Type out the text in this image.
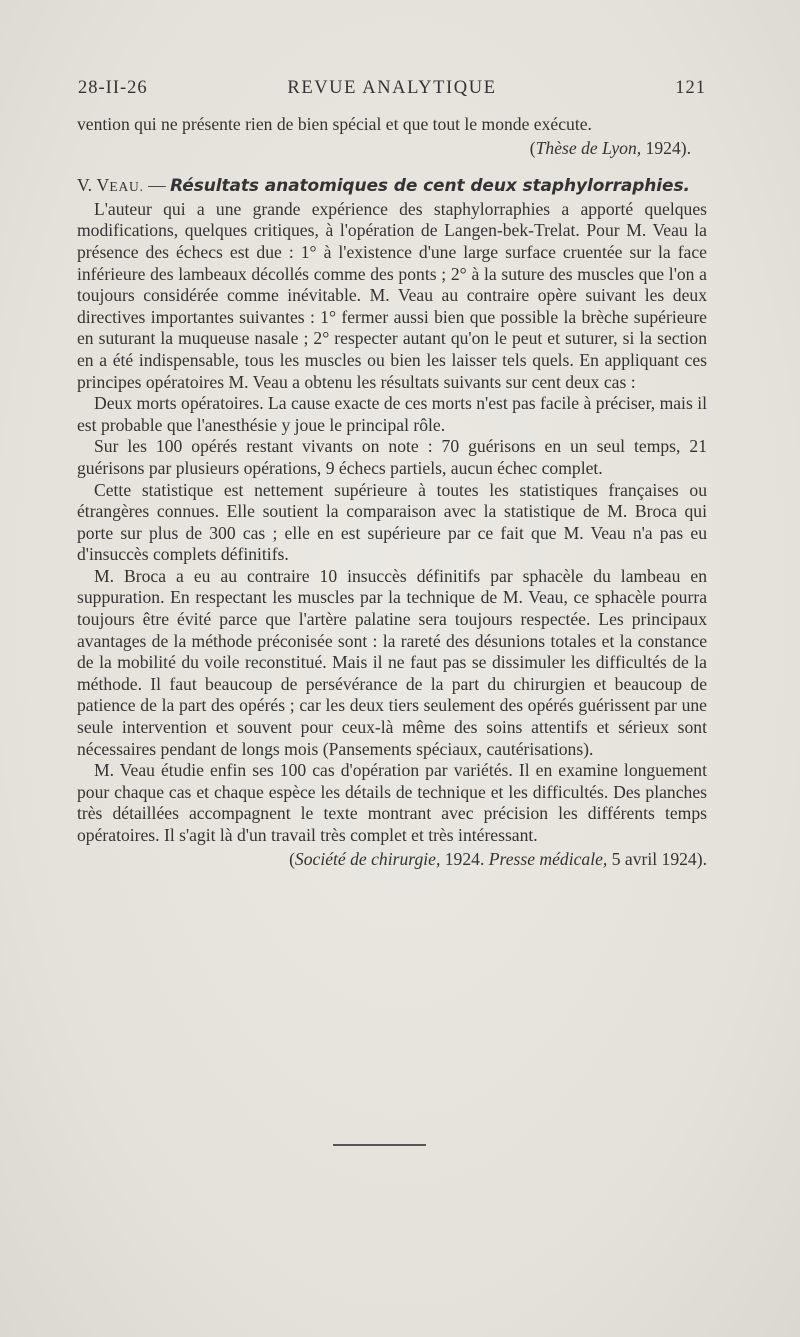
28-II-26	REVUE ANALYTIQUE	121

vention qui ne présente rien de bien spécial et que tout le monde exécute.

(Thèse de Lyon, 1924).

V. VEAU. — Résultats anatomiques de cent deux staphylorraphies.

L'auteur qui a une grande expérience des staphylorraphies a apporté quelques modifications, quelques critiques, à l'opération de Langen-bek-Trelat. Pour M. Veau la présence des échecs est due : 1° à l'existence d'une large surface cruentée sur la face inférieure des lambeaux décollés comme des ponts ; 2° à la suture des muscles que l'on a toujours considérée comme inévitable. M. Veau au contraire opère suivant les deux directives importantes suivantes : 1° fermer aussi bien que possible la brèche supérieure en suturant la muqueuse nasale ; 2° respecter autant qu'on le peut et suturer, si la section en a été indispensable, tous les muscles ou bien les laisser tels quels. En appliquant ces principes opératoires M. Veau a obtenu les résultats suivants sur cent deux cas :

Deux morts opératoires. La cause exacte de ces morts n'est pas facile à préciser, mais il est probable que l'anesthésie y joue le principal rôle.

Sur les 100 opérés restant vivants on note : 70 guérisons en un seul temps, 21 guérisons par plusieurs opérations, 9 échecs partiels, aucun échec complet.

Cette statistique est nettement supérieure à toutes les statistiques françaises ou étrangères connues. Elle soutient la comparaison avec la statistique de M. Broca qui porte sur plus de 300 cas ; elle en est supérieure par ce fait que M. Veau n'a pas eu d'insuccès complets définitifs.

M. Broca a eu au contraire 10 insuccès définitifs par sphacèle du lambeau en suppuration. En respectant les muscles par la technique de M. Veau, ce sphacèle pourra toujours être évité parce que l'artère palatine sera toujours respectée. Les principaux avantages de la méthode préconisée sont : la rareté des désunions totales et la constance de la mobilité du voile reconstitué. Mais il ne faut pas se dissimuler les difficultés de la méthode. Il faut beaucoup de persévérance de la part du chirurgien et beaucoup de patience de la part des opérés ; car les deux tiers seulement des opérés guérissent par une seule intervention et souvent pour ceux-là même des soins attentifs et sérieux sont nécessaires pendant de longs mois (Pansements spéciaux, cautérisations).

M. Veau étudie enfin ses 100 cas d'opération par variétés. Il en examine longuement pour chaque cas et chaque espèce les détails de technique et les difficultés. Des planches très détaillées accompagnent le texte montrant avec précision les différents temps opératoires. Il s'agit là d'un travail très complet et très intéressant.

(Société de chirurgie, 1924. Presse médicale, 5 avril 1924).
